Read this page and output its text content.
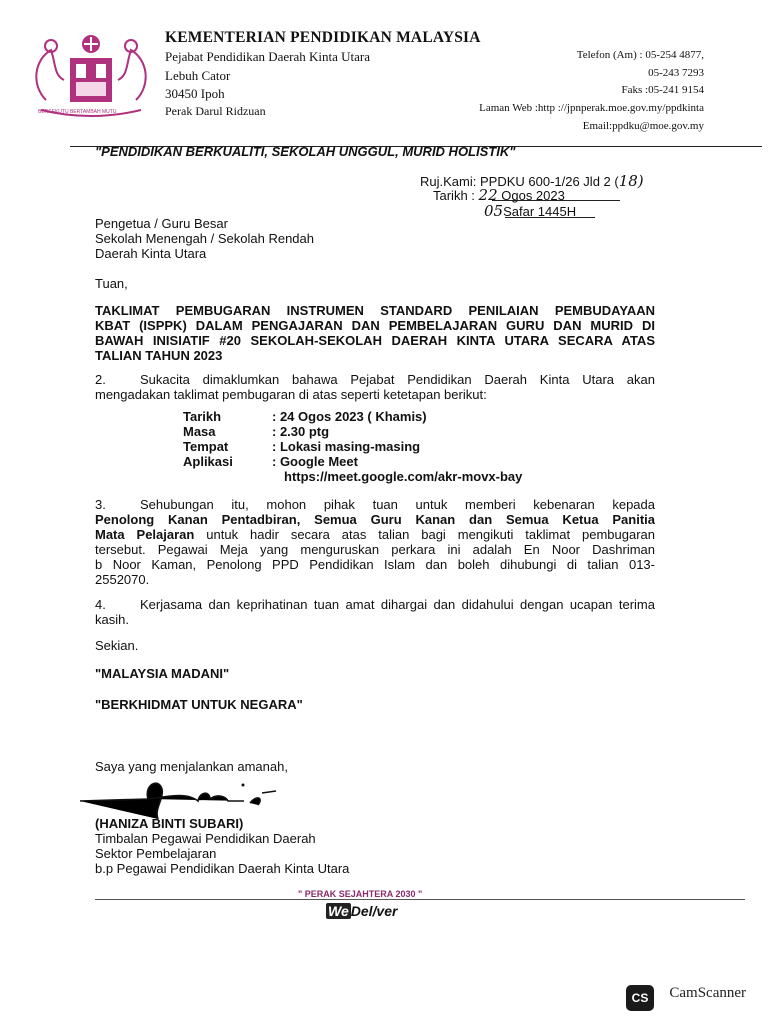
BERSEKUTU BERTAMBAH MUTU
KEMENTERIAN PENDIDIKAN MALAYSIA
Pejabat Pendidikan Daerah Kinta Utara
Lebuh Cator
30450 Ipoh
Perak Darul Ridzuan
Telefon (Am) : 05-254 4877,
05-243 7293
Faks :05-241 9154
Laman Web :http ://jpnperak.moe.gov.my/ppdkinta
Email:ppdku@moe.gov.my
"PENDIDIKAN BERKUALITI, SEKOLAH UNGGUL, MURID HOLISTIK"
Ruj.Kami: PPDKU 600-1/26 Jld 2 (18)
Tarikh : 22 Ogos 2023
05Safar 1445H
Pengetua / Guru Besar
Sekolah Menengah / Sekolah Rendah
Daerah Kinta Utara
Tuan,
TAKLIMAT PEMBUGARAN INSTRUMEN STANDARD PENILAIAN PEMBUDAYAAN
KBAT (ISPPK) DALAM PENGAJARAN DAN PEMBELAJARAN GURU DAN MURID DI
BAWAH INISIATIF #20 SEKOLAH-SEKOLAH DAERAH KINTA UTARA SECARA ATAS
TALIAN TAHUN 2023
2.	Sukacita dimaklumkan bahawa Pejabat Pendidikan Daerah Kinta Utara akan
mengadakan taklimat pembugaran di atas seperti ketetapan berikut:
Tarikh	: 24 Ogos 2023 ( Khamis)
Masa	: 2.30 ptg
Tempat	: Lokasi masing-masing
Aplikasi	: Google Meet
https://meet.google.com/akr-movx-bay
3.	Sehubungan itu, mohon pihak tuan untuk memberi kebenaran kepada
Penolong Kanan Pentadbiran, Semua Guru Kanan dan Semua Ketua Panitia
Mata Pelajaran untuk hadir secara atas talian bagi mengikuti taklimat pembugaran
tersebut. Pegawai Meja yang menguruskan perkara ini adalah En Noor Dashriman
b Noor Kaman, Penolong PPD Pendidikan Islam dan boleh dihubungi di talian 013-
2552070.
4.	Kerjasama dan keprihatinan tuan amat dihargai dan didahului dengan ucapan terima
kasih.
Sekian.
"MALAYSIA MADANI"
"BERKHIDMAT UNTUK NEGARA"
Saya yang menjalankan amanah,
(HANIZA BINTI SUBARI)
Timbalan Pegawai Pendidikan Daerah
Sektor Pembelajaran
b.p Pegawai Pendidikan Daerah Kinta Utara
" PERAK SEJAHTERA 2030 "
We Del/ver
CS	CamScanner
